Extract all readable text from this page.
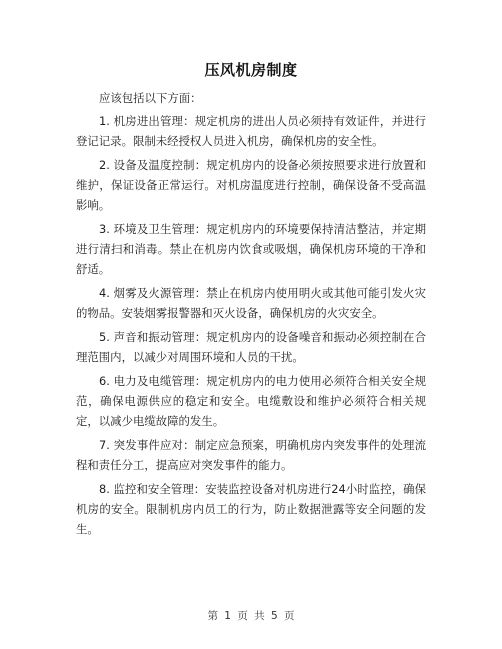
压风机房制度

应该包括以下方面：

1. 机房进出管理：规定机房的进出人员必须持有效证件，并进行登记记录。限制未经授权人员进入机房，确保机房的安全性。

2. 设备及温度控制：规定机房内的设备必须按照要求进行放置和维护，保证设备正常运行。对机房温度进行控制，确保设备不受高温影响。

3. 环境及卫生管理：规定机房内的环境要保持清洁整洁，并定期进行清扫和消毒。禁止在机房内饮食或吸烟，确保机房环境的干净和舒适。

4. 烟雾及火源管理：禁止在机房内使用明火或其他可能引发火灾的物品。安装烟雾报警器和灭火设备，确保机房的火灾安全。

5. 声音和振动管理：规定机房内的设备噪音和振动必须控制在合理范围内，以减少对周围环境和人员的干扰。

6. 电力及电缆管理：规定机房内的电力使用必须符合相关安全规范，确保电源供应的稳定和安全。电缆敷设和维护必须符合相关规定，以减少电缆故障的发生。

7. 突发事件应对：制定应急预案，明确机房内突发事件的处理流程和责任分工，提高应对突发事件的能力。

8. 监控和安全管理：安装监控设备对机房进行24小时监控，确保机房的安全。限制机房内员工的行为，防止数据泄露等安全问题的发生。

第 1 页 共 5 页
